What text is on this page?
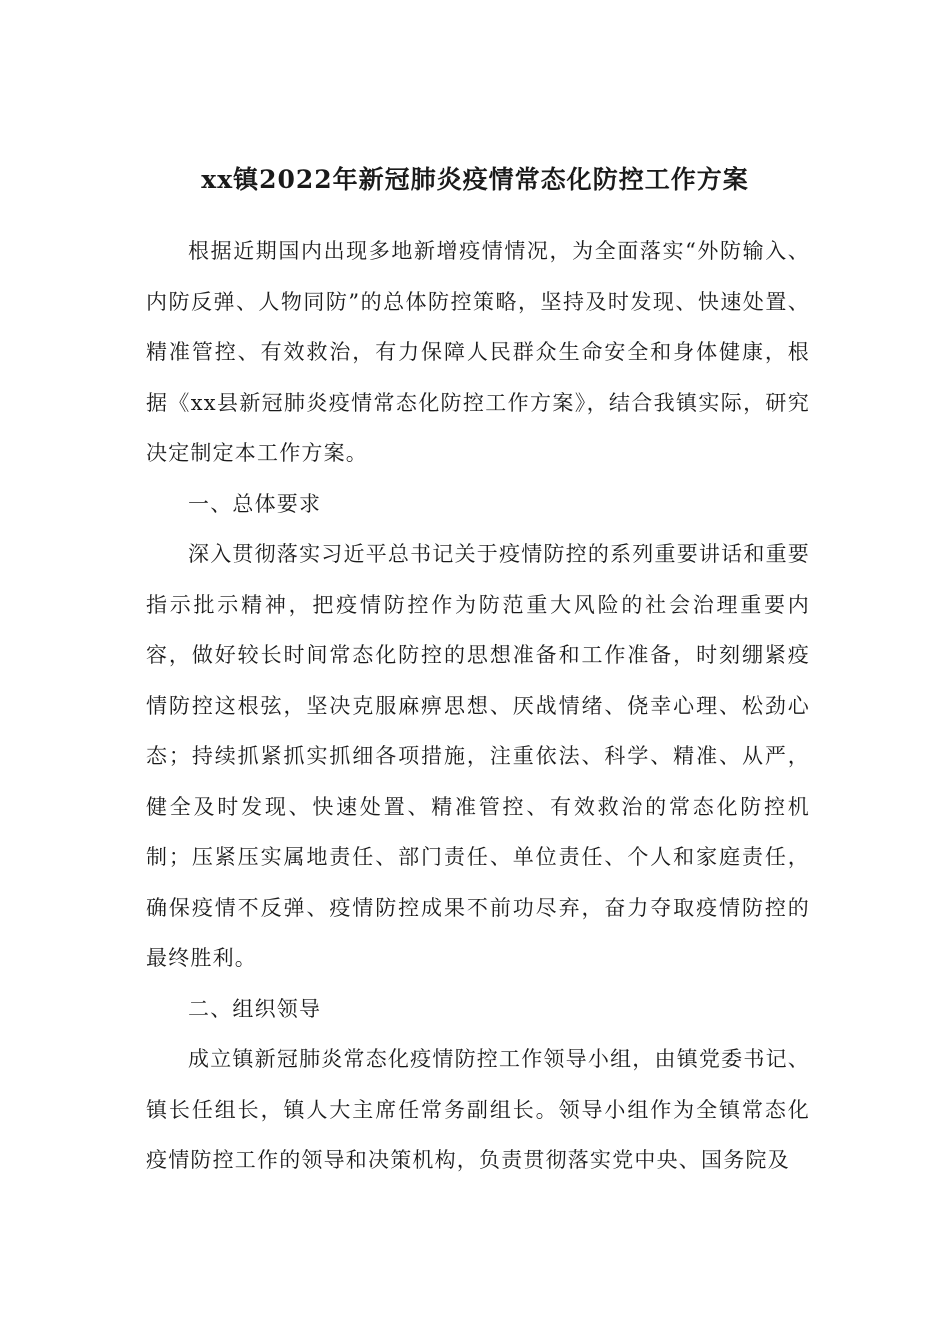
xx镇2022年新冠肺炎疫情常态化防控工作方案

根据近期国内出现多地新增疫情情况，为全面落实“外防输入、内防反弹、人物同防”的总体防控策略，坚持及时发现、快速处置、精准管控、有效救治，有力保障人民群众生命安全和身体健康，根据《xx县新冠肺炎疫情常态化防控工作方案》，结合我镇实际，研究决定制定本工作方案。

一、总体要求

深入贯彻落实习近平总书记关于疫情防控的系列重要讲话和重要指示批示精神，把疫情防控作为防范重大风险的社会治理重要内容，做好较长时间常态化防控的思想准备和工作准备，时刻绷紧疫情防控这根弦，坚决克服麻痹思想、厌战情绪、侥幸心理、松劲心态；持续抓紧抓实抓细各项措施，注重依法、科学、精准、从严，健全及时发现、快速处置、精准管控、有效救治的常态化防控机制；压紧压实属地责任、部门责任、单位责任、个人和家庭责任，确保疫情不反弹、疫情防控成果不前功尽弃，奋力夺取疫情防控的最终胜利。

二、组织领导

成立镇新冠肺炎常态化疫情防控工作领导小组，由镇党委书记、镇长任组长，镇人大主席任常务副组长。领导小组作为全镇常态化疫情防控工作的领导和决策机构，负责贯彻落实党中央、国务院及
